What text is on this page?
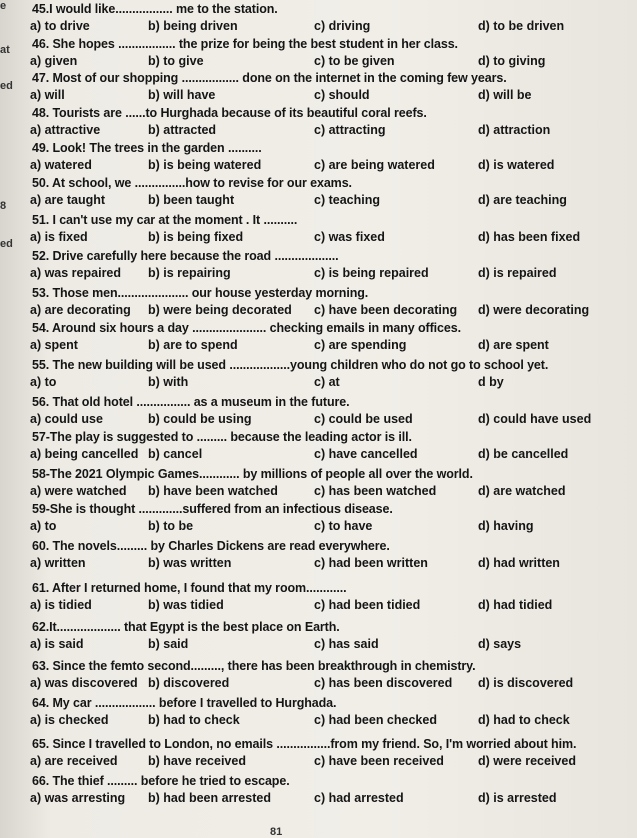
e
at
ed
8
ed
45.I would like................. me to the station.
a) to drive	b) being driven	c) driving	d) to be driven
46. She hopes ................. the prize for being the best student in her class.
a) given	b) to give	c) to be given	d) to giving
47. Most of our shopping ................. done on the internet in the coming few years.
a) will	b) will have	c) should	d) will be
48. Tourists are ......to Hurghada because of its beautiful coral reefs.
a) attractive	b) attracted	c) attracting	d) attraction
49. Look! The trees in the garden ..........
a) watered	b) is being watered	c) are being watered	d) is watered
50. At school, we ...............how to revise for our exams.
a) are taught	b) been taught	c) teaching	d) are teaching
51. I can't use my car at the moment . It ..........
a) is fixed	b) is being fixed	c) was fixed	d) has been fixed
52. Drive carefully here because the road ...................
a) was repaired b) is repairing	c) is being repaired	d) is repaired
53. Those men..................... our house yesterday morning.
a) are decorating b) were being decorated c) have been decorating d) were decorating
54. Around six hours a day ...................... checking emails in many offices.
a) spent	b) are to spend	c) are spending	d) are spent
55. The new building will be used ..................young children who do not go to school yet.
a) to	b) with	c) at	d by
56. That old hotel ................ as a museum in the future.
a) could use	b) could be using	c) could be used	d) could have used
57-The play is suggested to ......... because the leading actor is ill.
a) being cancelled b) cancel	c) have cancelled	d) be cancelled
58-The 2021 Olympic Games............ by millions of people all over the world.
a) were watched b) have been watched	c) has been watched	d) are watched
59-She is thought .............suffered from an infectious disease.
a) to	b) to be	c) to have	d) having
60. The novels......... by Charles Dickens are read everywhere.
a) written	b) was written	c) had been written	d) had written
61. After I returned home, I found that my room............
a) is tidied	b) was tidied	c) had been tidied	d) had tidied
62.It................... that Egypt is the best place on Earth.
a) is said	b) said	c) has said	d) says
63. Since the femto second........., there has been breakthrough in chemistry.
a) was discovered b) discovered	c) has been discovered d) is discovered
64. My car .................. before I travelled to Hurghada.
a) is checked	b) had to check	c) had been checked	d) had to check
65. Since I travelled to London, no emails ................from my friend. So, I'm worried about him.
a) are received b) have received	c) have been received	d) were received
66. The thief ......... before he tried to escape.
a) was arresting b) had been arrested	c) had arrested	d) is arrested
81
